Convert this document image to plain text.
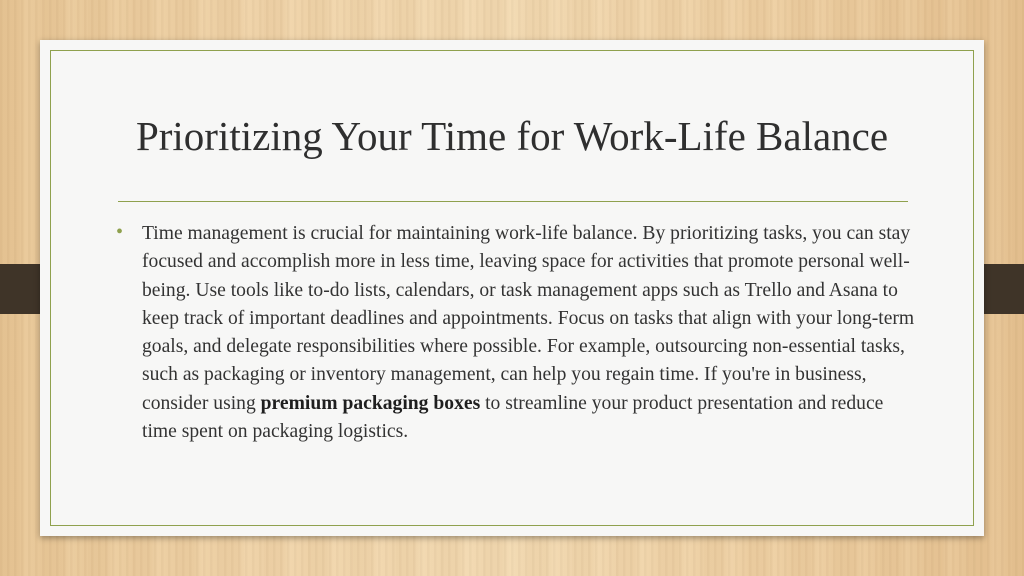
Prioritizing Your Time for Work-Life Balance
• Time management is crucial for maintaining work-life balance. By prioritizing tasks, you can stay focused and accomplish more in less time, leaving space for activities that promote personal well-being. Use tools like to-do lists, calendars, or task management apps such as Trello and Asana to keep track of important deadlines and appointments. Focus on tasks that align with your long-term goals, and delegate responsibilities where possible. For example, outsourcing non-essential tasks, such as packaging or inventory management, can help you regain time. If you're in business, consider using premium packaging boxes to streamline your product presentation and reduce time spent on packaging logistics.
